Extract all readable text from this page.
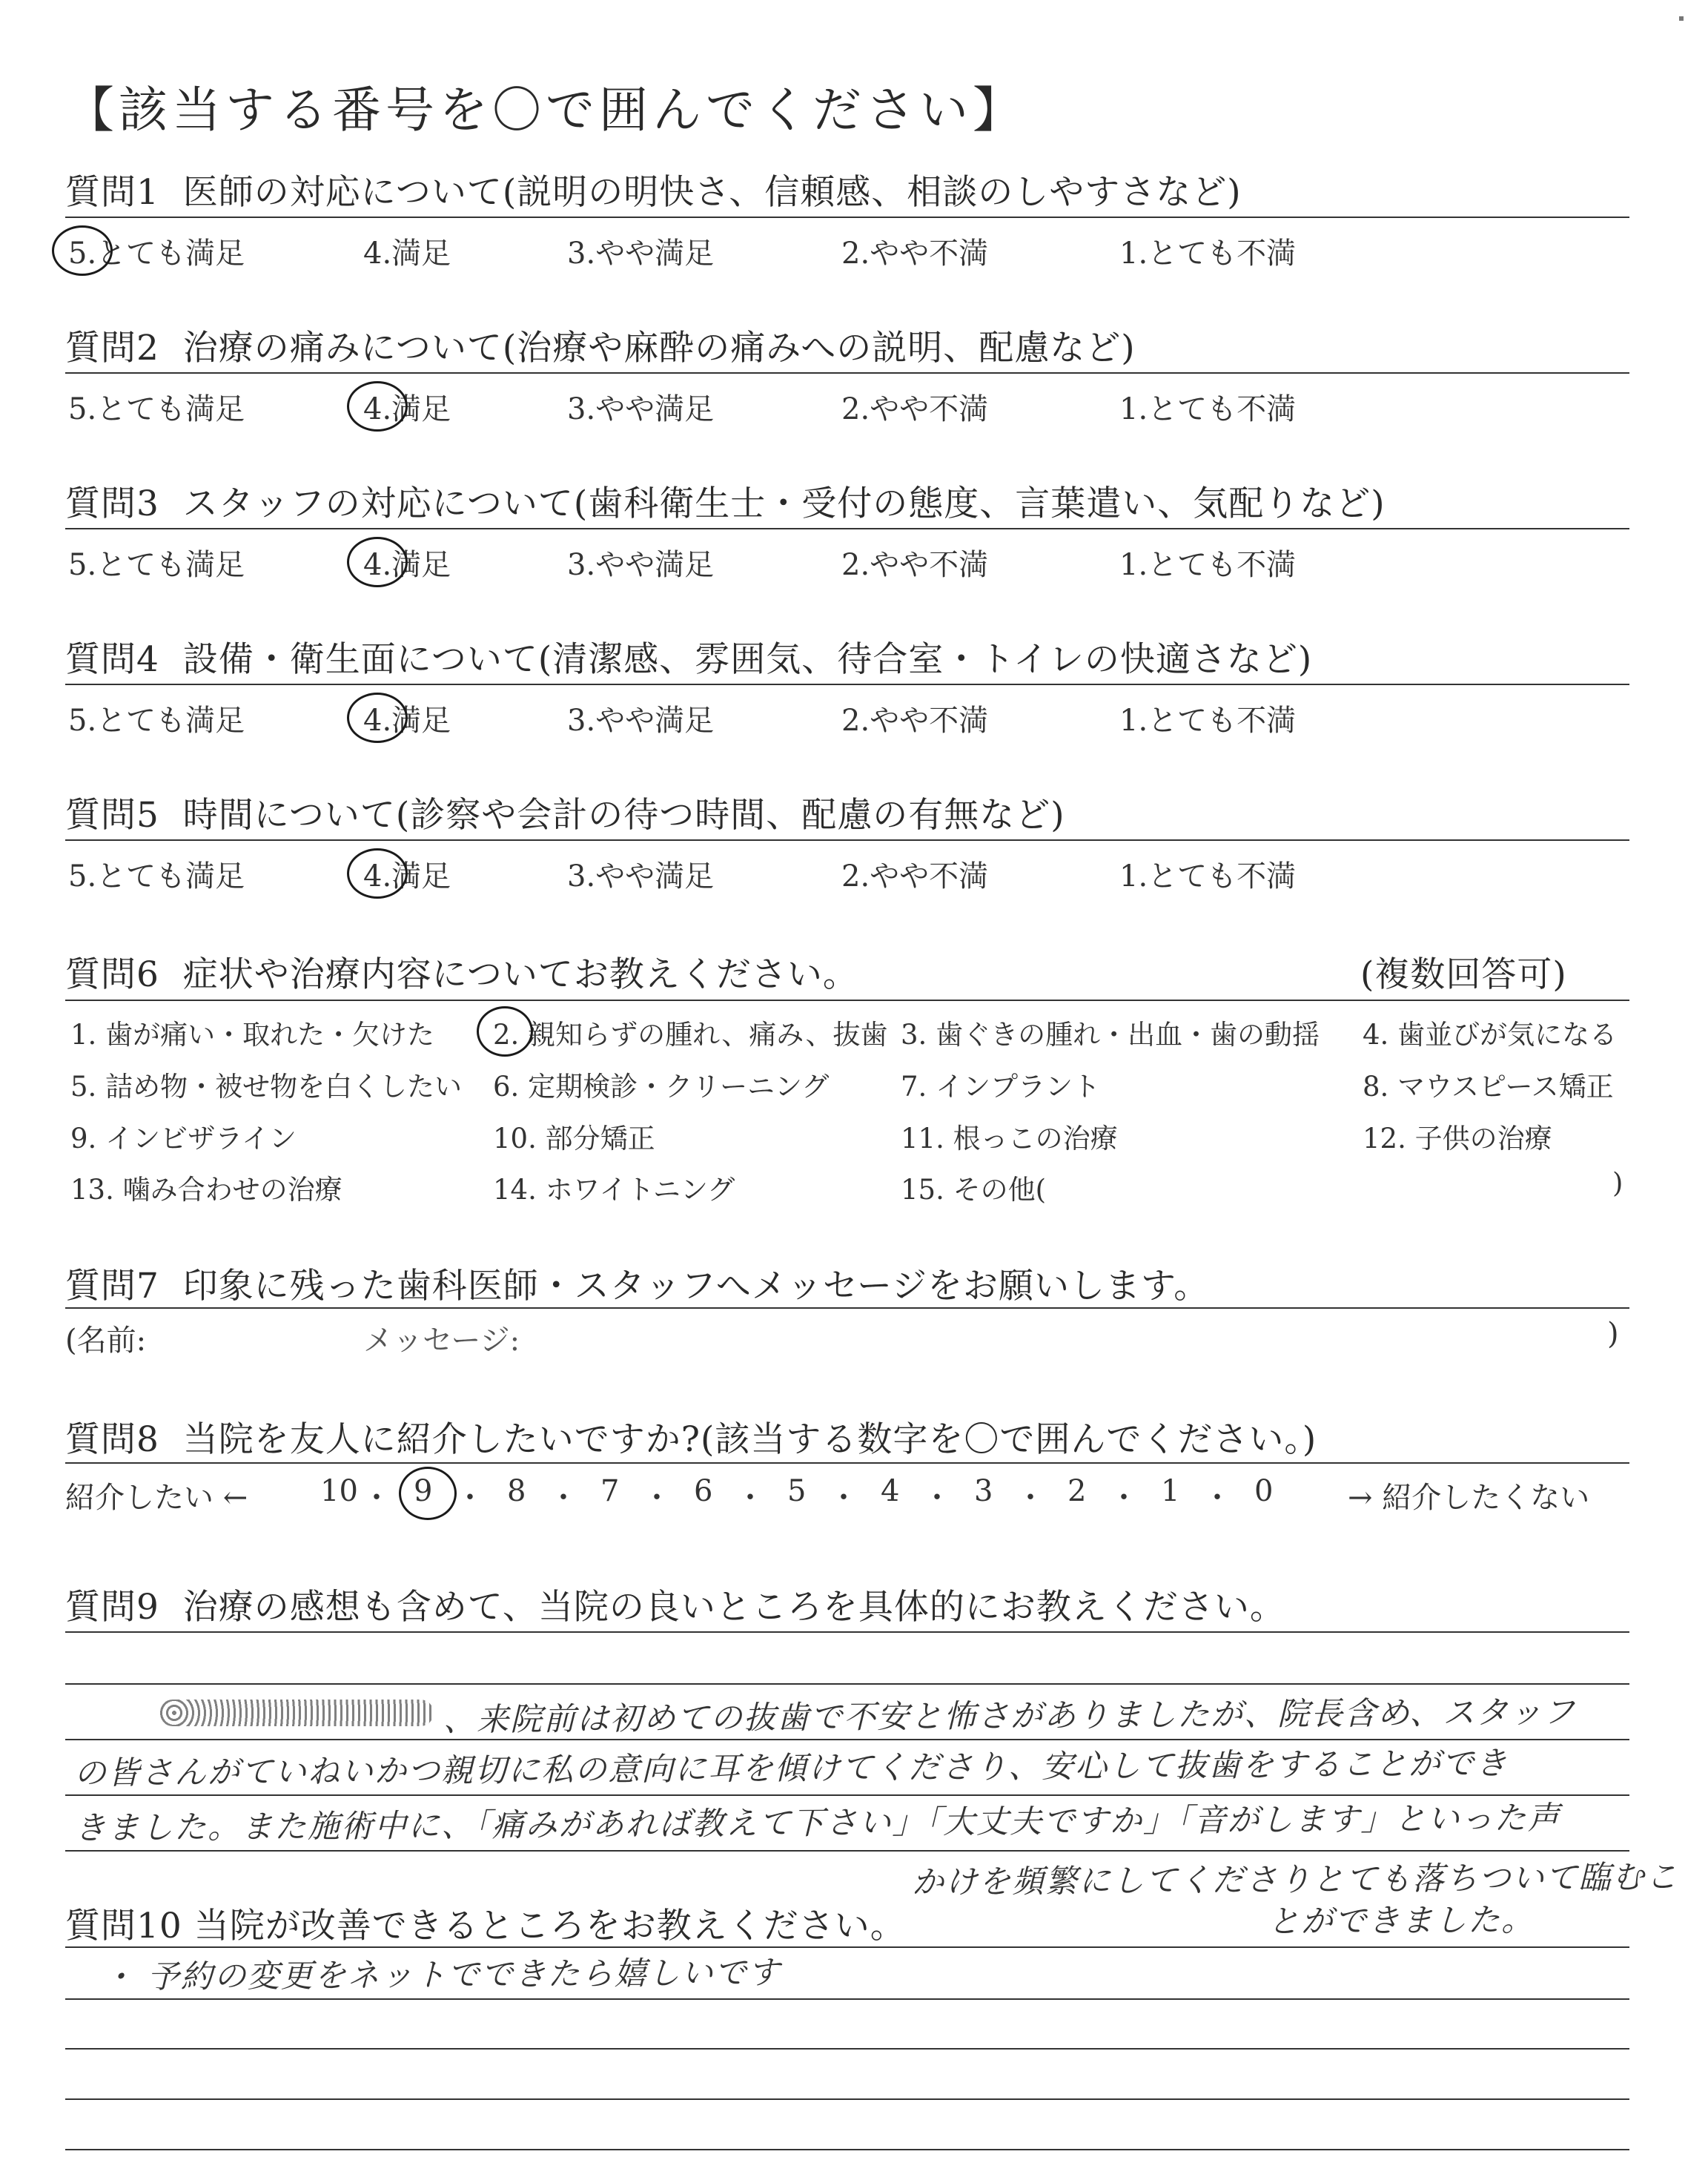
【該当する番号を〇で囲んでください】
質問1 医師の対応について(説明の明快さ、信頼感、相談のしやすさなど)
5.とても満足	4.満足	3.やや満足	2.やや不満	1.とても不満
質問2 治療の痛みについて(治療や麻酔の痛みへの説明、配慮など)
5.とても満足	4.満足	3.やや満足	2.やや不満	1.とても不満
質問3 スタッフの対応について(歯科衛生士・受付の態度、言葉遣い、気配りなど)
5.とても満足	4.満足	3.やや満足	2.やや不満	1.とても不満
質問4 設備・衛生面について(清潔感、雰囲気、待合室・トイレの快適さなど)
5.とても満足	4.満足	3.やや満足	2.やや不満	1.とても不満
質問5 時間について(診察や会計の待つ時間、配慮の有無など)
5.とても満足	4.満足	3.やや満足	2.やや不満	1.とても不満
質問6 症状や治療内容についてお教えください。	(複数回答可)
1. 歯が痛い・取れた・欠けた 2. 親知らずの腫れ、痛み、抜歯 3. 歯ぐきの腫れ・出血・歯の動揺 4. 歯並びが気になる
5. 詰め物・被せ物を白くしたい 6. 定期検診・クリーニング	7. インプラント	8. マウスピース矯正
9. インビザライン	10. 部分矯正	11. 根っこの治療	12. 子供の治療
13. 噛み合わせの治療	14. ホワイトニング	15. その他(	)
質問7 印象に残った歯科医師・スタッフへメッセージをお願いします。
(名前:	メッセージ:	)
質問8 当院を友人に紹介したいですか?(該当する数字を〇で囲んでください。)
紹介したい ← 10 ・ 9 ・ 8 ・ 7 ・ 6 ・ 5 ・ 4 ・ 3 ・ 2 ・ 1 ・ 0	→ 紹介したくない
質問9 治療の感想も含めて、当院の良いところを具体的にお教えください。
、来院前は初めての抜歯で不安と怖さがありましたが、院長含め、スタッフ
の皆さんがていねいかつ親切に私の意向に耳を傾けてくださり、安心して抜歯をすることができ
きました。また施術中に、「痛みがあれば教えて下さい」「大丈夫ですか」「音がします」といった声
かけを頻繁にしてくださりとても落ちついて臨むこ
とができました。
質問10 当院が改善できるところをお教えください。
・ 予約の変更をネットでできたら嬉しいです
